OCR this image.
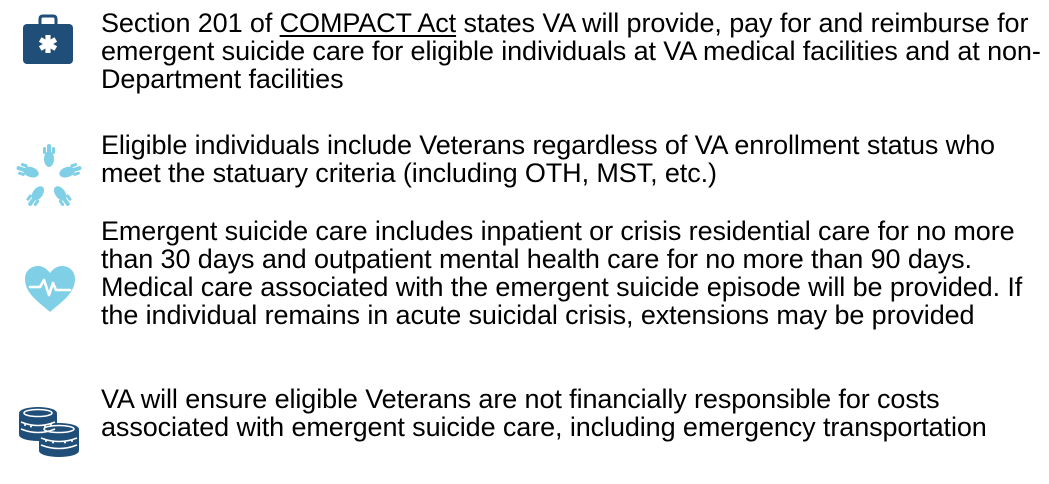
Section 201 of COMPACT Act states VA will provide, pay for and reimburse for emergent suicide care for eligible individuals at VA medical facilities and at non-Department facilities

Eligible individuals include Veterans regardless of VA enrollment status who meet the statuary criteria (including OTH, MST, etc.)

Emergent suicide care includes inpatient or crisis residential care for no more than 30 days and outpatient mental health care for no more than 90 days. Medical care associated with the emergent suicide episode will be provided. If the individual remains in acute suicidal crisis, extensions may be provided

VA will ensure eligible Veterans are not financially responsible for costs associated with emergent suicide care, including emergency transportation
